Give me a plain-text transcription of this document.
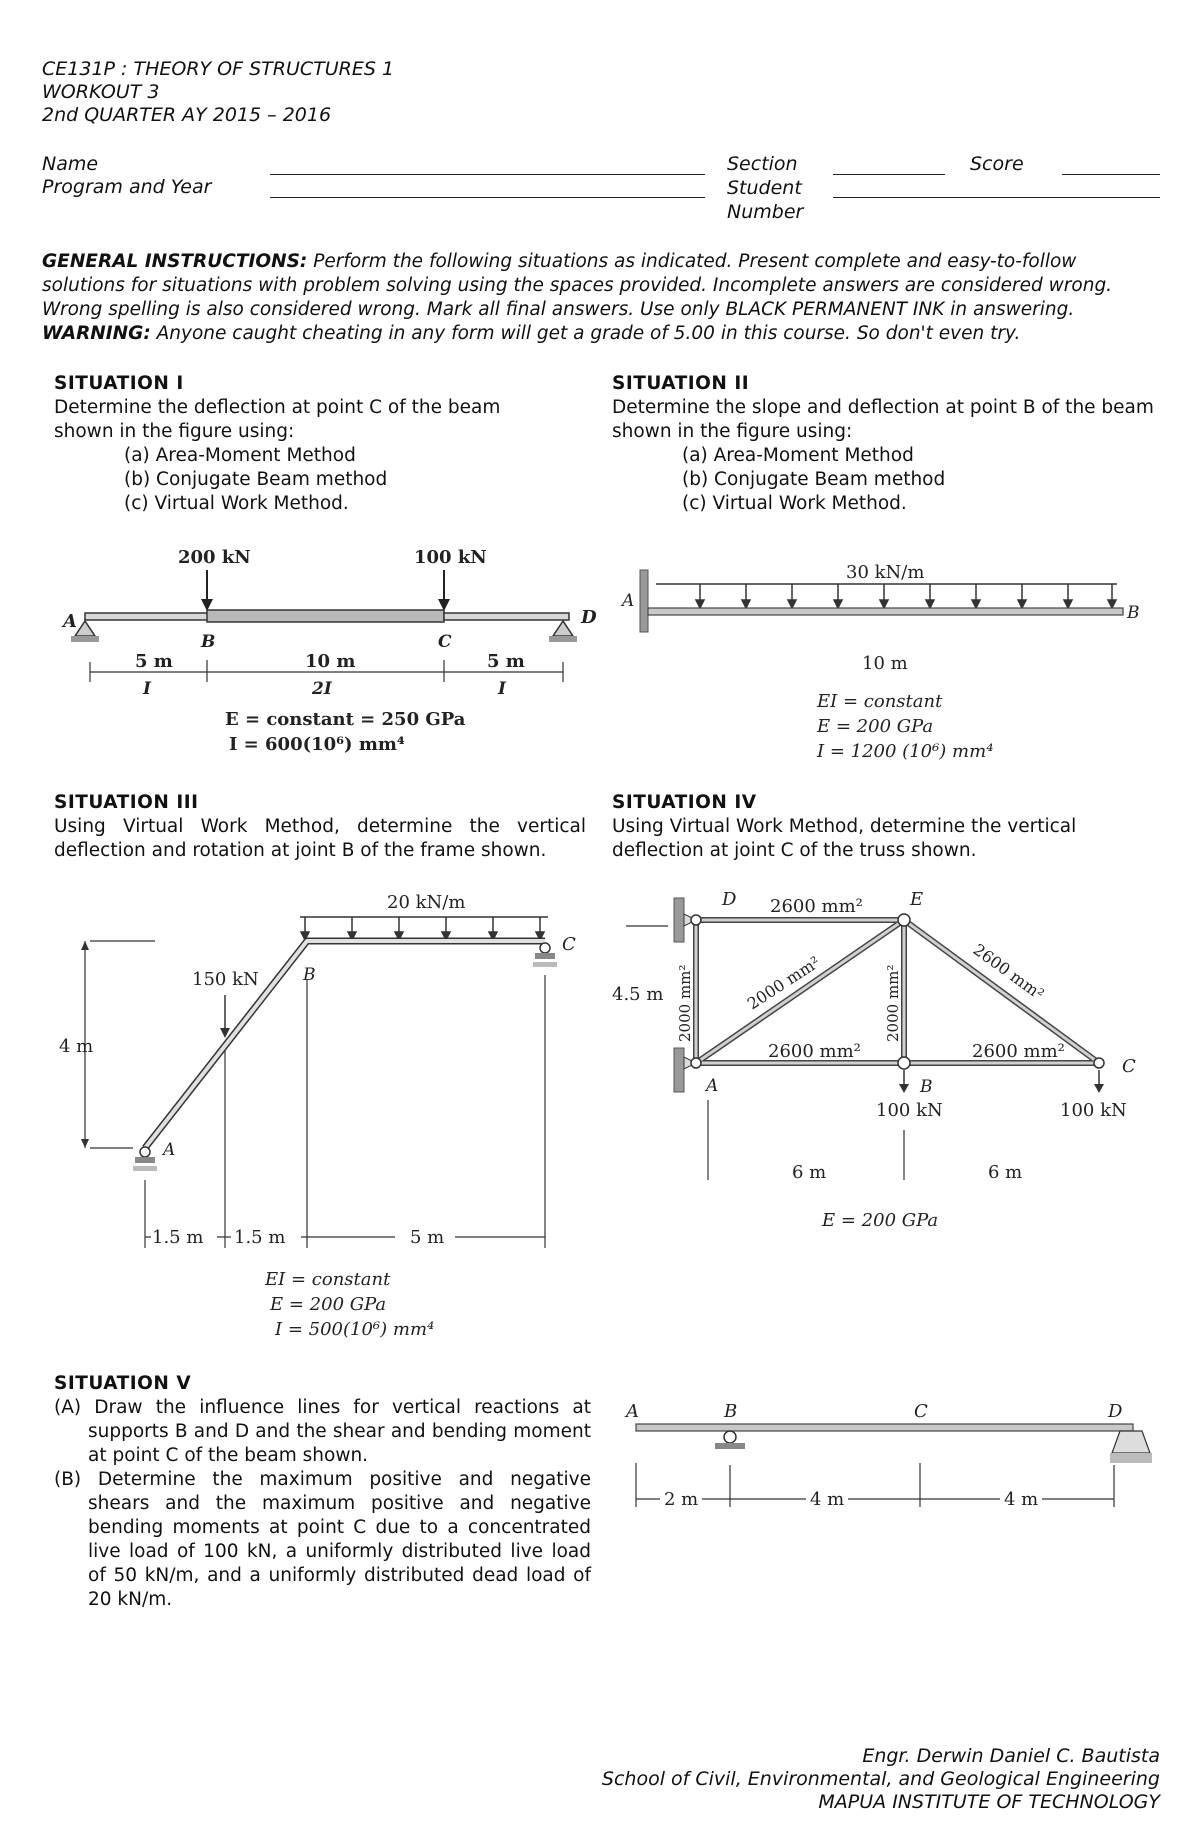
CE131P : THEORY OF STRUCTURES 1
WORKOUT 3
2nd QUARTER AY 2015 – 2016
Name
Program and Year
Section	Score
Student
Number
GENERAL INSTRUCTIONS: Perform the following situations as indicated. Present complete and easy-to-follow solutions for situations with problem solving using the spaces provided. Incomplete answers are considered wrong. Wrong spelling is also considered wrong. Mark all final answers. Use only BLACK PERMANENT INK in answering. WARNING: Anyone caught cheating in any form will get a grade of 5.00 in this course. So don't even try.
SITUATION I
Determine the deflection at point C of the beam shown in the figure using:
(a) Area-Moment Method
(b) Conjugate Beam method
(c) Virtual Work Method.
200 kN	100 kN
A
B	C
D
5 m	10 m	5 m
I	2I	I
E = constant = 250 GPa
I = 600(10⁶) mm⁴
SITUATION II
Determine the slope and deflection at point B of the beam shown in the figure using:
(a) Area-Moment Method
(b) Conjugate Beam method
(c) Virtual Work Method.
A
30 kN/m
B
10 m
EI = constant
E = 200 GPa
I = 1200 (10⁶) mm⁴
SITUATION III
Using Virtual Work Method, determine the vertical deflection and rotation at joint B of the frame shown.
20 kN/m
C
B
A
150 kN
4 m
1.5 m 1.5 m	5 m
EI = constant
E = 200 GPa
I = 500(10⁶) mm⁴
SITUATION IV
Using Virtual Work Method, determine the vertical deflection at joint C of the truss shown.
D	E
A	B
C
2600 mm²
2000 mm²	2600 mm²
2000 mm²	2000 mm²
2600 mm²	2600 mm²
4.5 m
100 kN	100 kN
6 m	6 m
E = 200 GPa
SITUATION V
(A) Draw the influence lines for vertical reactions at supports B and D and the shear and bending moment at point C of the beam shown.
(B) Determine the maximum positive and negative shears and the maximum positive and negative bending moments at point C due to a concentrated live load of 100 kN, a uniformly distributed live load of 50 kN/m, and a uniformly distributed dead load of 20 kN/m.
A	B	C	D
2 m	4 m	4 m
Engr. Derwin Daniel C. Bautista
School of Civil, Environmental, and Geological Engineering
MAPUA INSTITUTE OF TECHNOLOGY
